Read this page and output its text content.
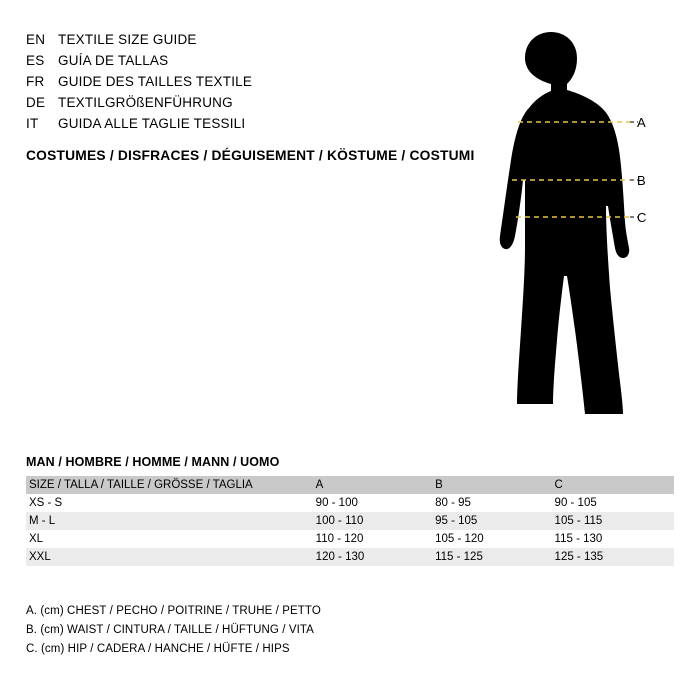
EN TEXTILE SIZE GUIDE
ES	GUÍA DE TALLAS
FR	GUIDE DES TAILLES TEXTILE
DE TEXTILGRÖßENFÜHRUNG
IT	GUIDA ALLE TAGLIE TESSILI
COSTUMES / DISFRACES / DÉGUISEMENT / KÖSTUME / COSTUMI
A
B
C
MAN / HOMBRE / HOMME / MANN / UOMO
SIZE / TALLA / TAILLE / GRÖSSE / TAGLIA	A	B	C
XS - S	90 - 100	80 - 95	90 - 105
M - L	100 - 110	95 - 105	105 - 115
XL	110 - 120	105 - 120	115 - 130
XXL	120 - 130	115 - 125	125 - 135
A. (cm) CHEST / PECHO / POITRINE / TRUHE / PETTO
B. (cm) WAIST / CINTURA / TAILLE / HÜFTUNG / VITA
C. (cm) HIP / CADERA / HANCHE / HÜFTE / HIPS
